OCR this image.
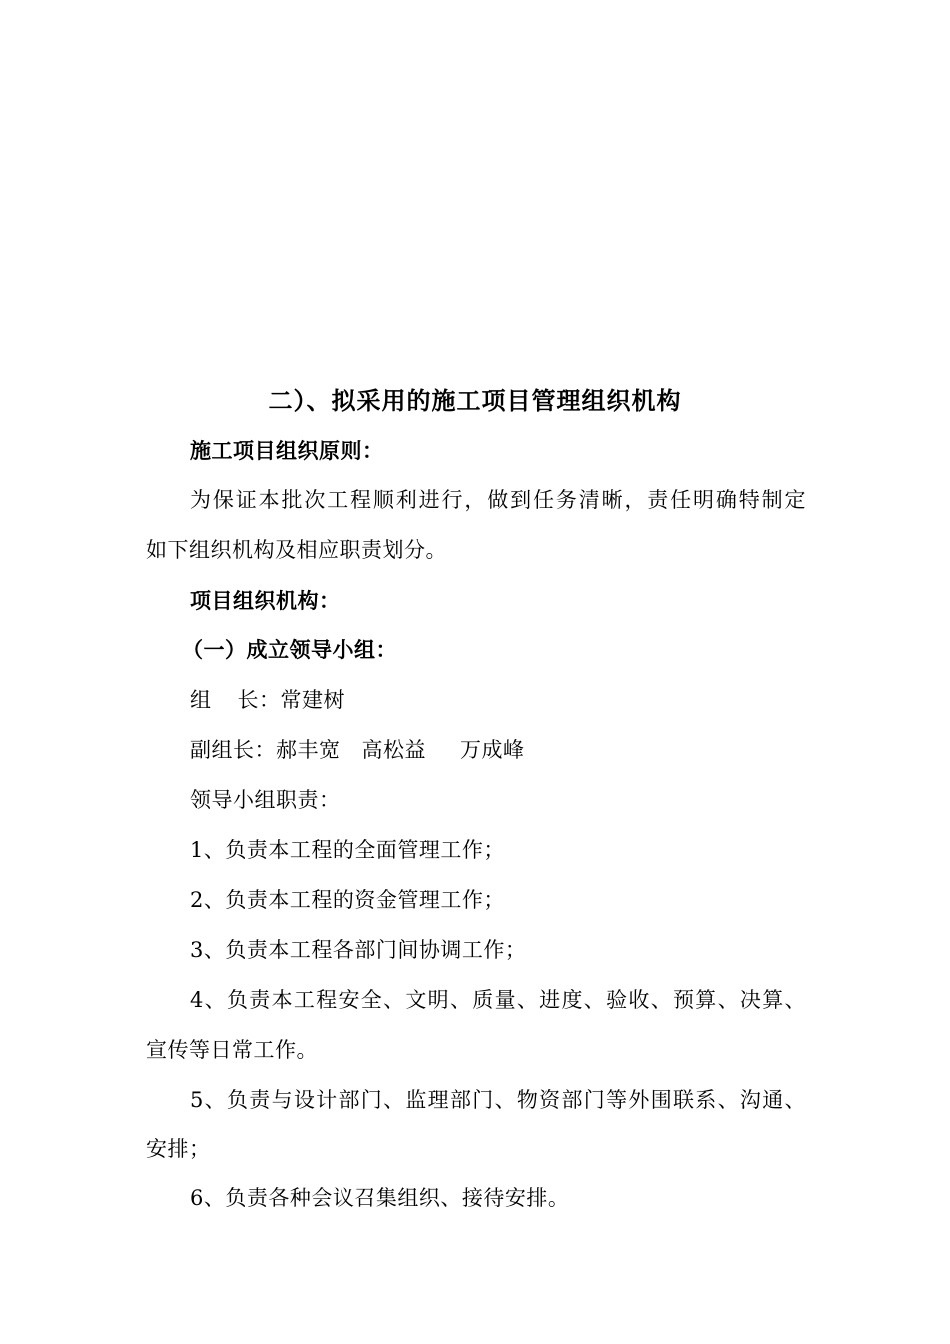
二）、拟采用的施工项目管理组织机构
施工项目组织原则：
为保证本批次工程顺利进行，做到任务清晰，责任明确特制定
如下组织机构及相应职责划分。
项目组织机构：
（一）成立领导小组：
组 长：常建树
副组长：郝丰宽 高松益 万成峰
领导小组职责：
1、负责本工程的全面管理工作；
2、负责本工程的资金管理工作；
3、负责本工程各部门间协调工作；
4、负责本工程安全、文明、质量、进度、验收、预算、决算、
宣传等日常工作。
5、负责与设计部门、监理部门、物资部门等外围联系、沟通、
安排；
6、负责各种会议召集组织、接待安排。
